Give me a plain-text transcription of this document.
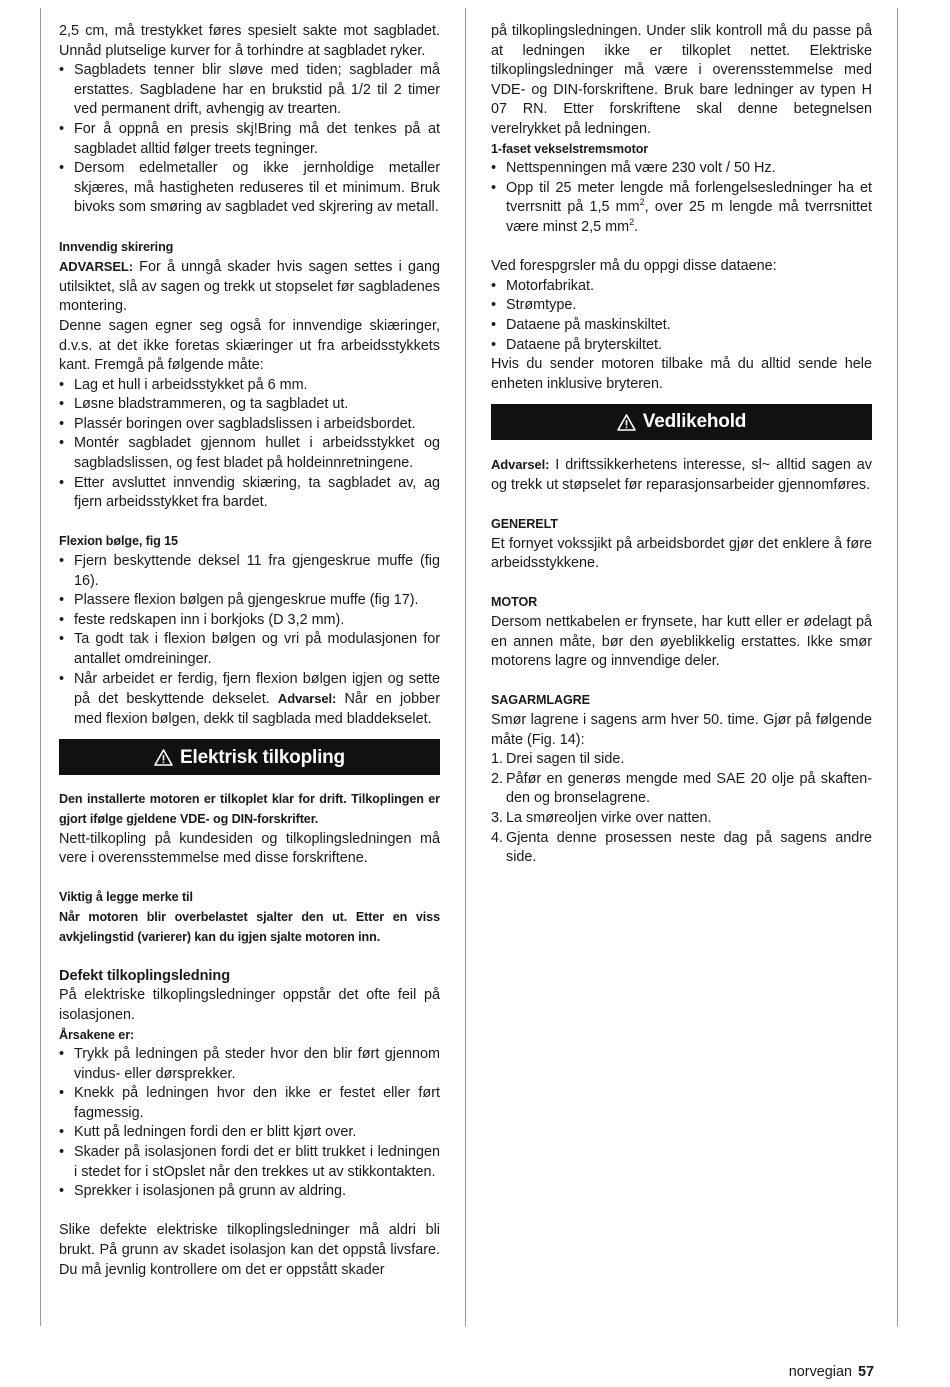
2,5 cm, må trestykket føres spesielt sakte mot sagbladet. Unnåd plutselige kurver for å torhindre at sagbladet ryker.

• Sagbladets tenner blir sløve med tiden; sagblader må erstattes. Sagbladene har en brukstid på 1/2 til 2 timer ved permanent drift, avhengig av trearten.
• For å oppnå en presis skj!Bring må det tenkes på at sagbladet alltid følger treets tegninger.
• Dersom edelmetaller og ikke jernholdige metaller skjæres, må hastigheten reduseres til et minimum. Bruk bivoks som smøring av sagbladet ved skjrering av metall.
Innvendig skirering

ADVARSEL: For å unngå skader hvis sagen settes i gang utilsiktet, slå av sagen og trekk ut stopselet før sagbladenes montering.

Denne sagen egner seg også for innvendige skiæringer, d.v.s. at det ikke foretas skiæringer ut fra arbeidsstykkets kant. Fremgå på følgende måte:

• Lag et hull i arbeidsstykket på 6 mm.
• Løsne bladstrammeren, og ta sagbladet ut.
• Plassér boringen over sagbladslissen i arbeidsbordet.
• Montér sagbladet gjennom hullet i arbeidsstykket og sagbladslissen, og fest bladet på holdeinnretningene.
• Etter avsluttet innvendig skiæring, ta sagbladet av, ag fjern arbeidsstykket fra bardet.
Flexion bølge, fig 15
• Fjern beskyttende deksel 11 fra gjengeskrue muffe (fig 16).
• Plassere flexion bølgen på gjengeskrue muffe (fig 17).
• feste redskapen inn i borkjoks (D 3,2 mm).
• Ta godt tak i flexion bølgen og vri på modulasjonen for antallet omdreininger.
• Når arbeidet er ferdig, fjern flexion bølgen igjen og sette på det beskyttende dekselet. Advarsel: Når en jobber med flexion bølgen, dekk til sagblada med bladdekselet.
Elektrisk tilkopling

Den installerte motoren er tilkoplet klar for drift. Tilkoplingen er gjort ifølge gjeldene VDE- og DIN-forskrifter.

Nett-tilkopling på kundesiden og tilkoplingsledningen må vere i overensstemmelse med disse forskriftene.

Viktig å legge merke til

Når motoren blir overbelastet sjalter den ut. Etter en viss avkjelingstid (varierer) kan du igjen sjalte motoren inn.

Defekt tilkoplingsledning

På elektriske tilkoplingsledninger oppstår det ofte feil på isolasjonen.

Årsakene er:
• Trykk på ledningen på steder hvor den blir ført gjennom vindus- eller dørsprekker.
• Knekk på ledningen hvor den ikke er festet eller ført fagmessig.
• Kutt på ledningen fordi den er blitt kjørt over.
• Skader på isolasjonen fordi det er blitt trukket i ledningen i stedet for i stOpslet når den trekkes ut av stikkontakten.
• Sprekker i isolasjonen på grunn av aldring.

Slike defekte elektriske tilkoplingsledninger må aldri bli brukt. På grunn av skadet isolasjon kan det oppstå livsfare. Du må jevnlig kontrollere om det er oppstått skader

på tilkoplingsledningen. Under slik kontroll må du passe på at ledningen ikke er tilkoplet nettet. Elektriske tilkoplingsledninger må være i overensstemmelse med VDE- og DIN-forskriftene. Bruk bare ledninger av typen H 07 RN. Etter forskriftene skal denne betegnelsen verelrykket på ledningen.

1-faset vekselstremsmotor
• Nettspenningen må være 230 volt / 50 Hz.
• Opp til 25 meter lengde må forlengelsesledninger ha et tverrsnitt på 1,5 $mm^2$, over 25 m lengde må tverrsnittet være minst 2,5 $mm^2$.

Ved forespgrsler må du oppgi disse dataene:

• Motorfabrikat.
• Strømtype.
• Dataene på maskinskiltet.
• Dataene på bryterskiltet.

Hvis du sender motoren tilbake må du alltid sende hele enheten inklusive bryteren.

Vedlikehold

Advarsel: I driftssikkerhetens interesse, sl~ alltid sagen av og trekk ut støpselet før reparasjonsarbeider gjennomføres.

GENERELT

Et fornyet vokssjikt på arbeidsbordet gjør det enklere å føre arbeidsstykkene.

MOTOR

Dersom nettkabelen er frynsete, har kutt eller er ødelagt på en annen måte, bør den øyeblikkelig erstattes. Ikke smør motorens lagre og innvendige deler.

SAGARMLAGRE

Smør lagrene i sagens arm hver 50. time. Gjør på følgende måte (Fig. 14):

1. Drei sagen til side.
2. Påfør en generøs mengde med SAE 20 olje på skaften-den og bronselagrene.
3. La smøreoljen virke over natten.
4. Gjenta denne prosessen neste dag på sagens andre side.
norvegian 57
